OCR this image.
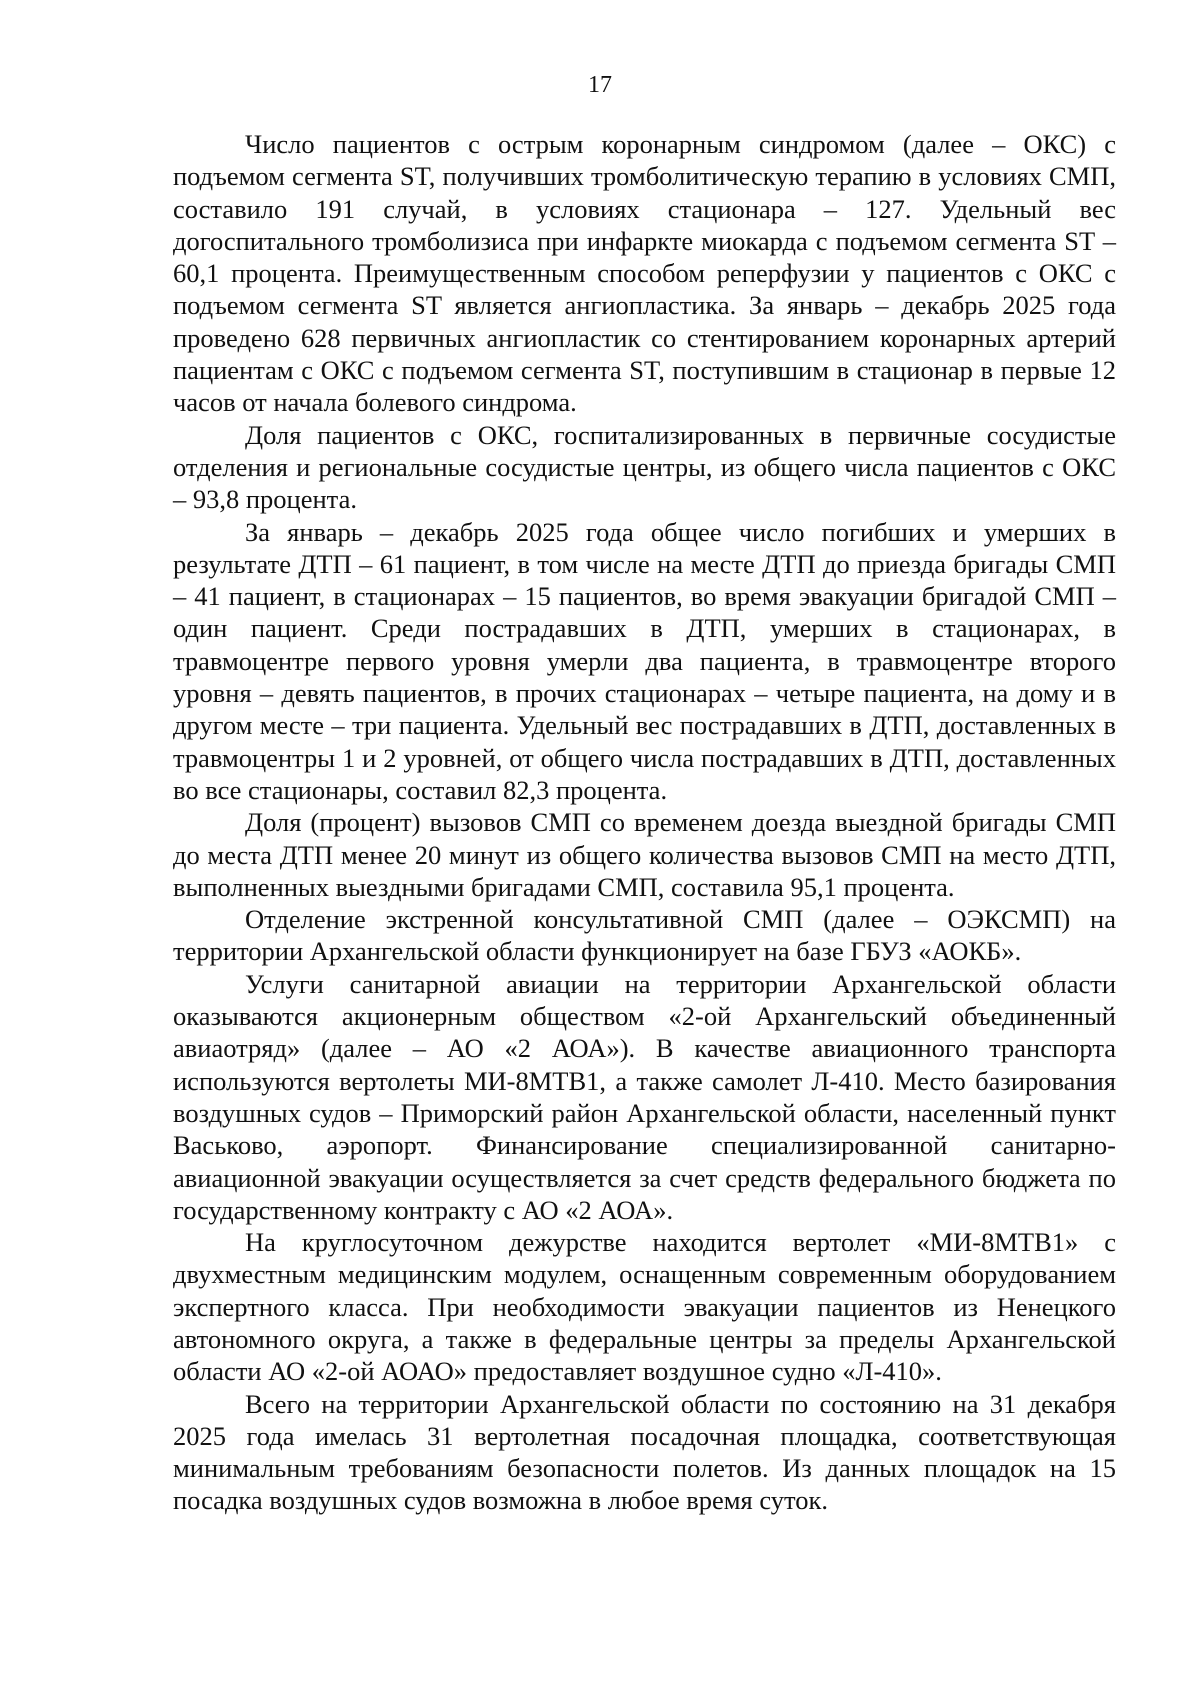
17

Число пациентов с острым коронарным синдромом (далее – ОКС) с подъемом сегмента ST, получивших тромболитическую терапию в условиях СМП, составило 191 случай, в условиях стационара – 127. Удельный вес догоспитального тромболизиса при инфаркте миокарда с подъемом сегмента ST – 60,1 процента. Преимущественным способом реперфузии у пациентов с ОКС с подъемом сегмента ST является ангиопластика. За январь – декабрь 2025 года проведено 628 первичных ангиопластик со стентированием коронарных артерий пациентам с ОКС с подъемом сегмента ST, поступившим в стационар в первые 12 часов от начала болевого синдрома.

Доля пациентов с ОКС, госпитализированных в первичные сосудистые отделения и региональные сосудистые центры, из общего числа пациентов с ОКС – 93,8 процента.

За январь – декабрь 2025 года общее число погибших и умерших в результате ДТП – 61 пациент, в том числе на месте ДТП до приезда бригады СМП – 41 пациент, в стационарах – 15 пациентов, во время эвакуации бригадой СМП – один пациент. Среди пострадавших в ДТП, умерших в стационарах, в травмоцентре первого уровня умерли два пациента, в травмоцентре второго уровня – девять пациентов, в прочих стационарах – четыре пациента, на дому и в другом месте – три пациента. Удельный вес пострадавших в ДТП, доставленных в травмоцентры 1 и 2 уровней, от общего числа пострадавших в ДТП, доставленных во все стационары, составил 82,3 процента.

Доля (процент) вызовов СМП со временем доезда выездной бригады СМП до места ДТП менее 20 минут из общего количества вызовов СМП на место ДТП, выполненных выездными бригадами СМП, составила 95,1 процента.

Отделение экстренной консультативной СМП (далее – ОЭКСМП) на территории Архангельской области функционирует на базе ГБУЗ «АОКБ».

Услуги санитарной авиации на территории Архангельской области оказываются акционерным обществом «2-ой Архангельский объединенный авиаотряд» (далее – АО «2 АОА»). В качестве авиационного транспорта используются вертолеты МИ-8МТВ1, а также самолет Л-410. Место базирования воздушных судов – Приморский район Архангельской области, населенный пункт Васьково, аэропорт. Финансирование специализированной санитарно-авиационной эвакуации осуществляется за счет средств федерального бюджета по государственному контракту с АО «2 АОА».

На круглосуточном дежурстве находится вертолет «МИ-8МТВ1» с двухместным медицинским модулем, оснащенным современным оборудованием экспертного класса. При необходимости эвакуации пациентов из Ненецкого автономного округа, а также в федеральные центры за пределы Архангельской области АО «2-ой АОАО» предоставляет воздушное судно «Л-410».

Всего на территории Архангельской области по состоянию на 31 декабря 2025 года имелась 31 вертолетная посадочная площадка, соответствующая минимальным требованиям безопасности полетов. Из данных площадок на 15 посадка воздушных судов возможна в любое время суток.
